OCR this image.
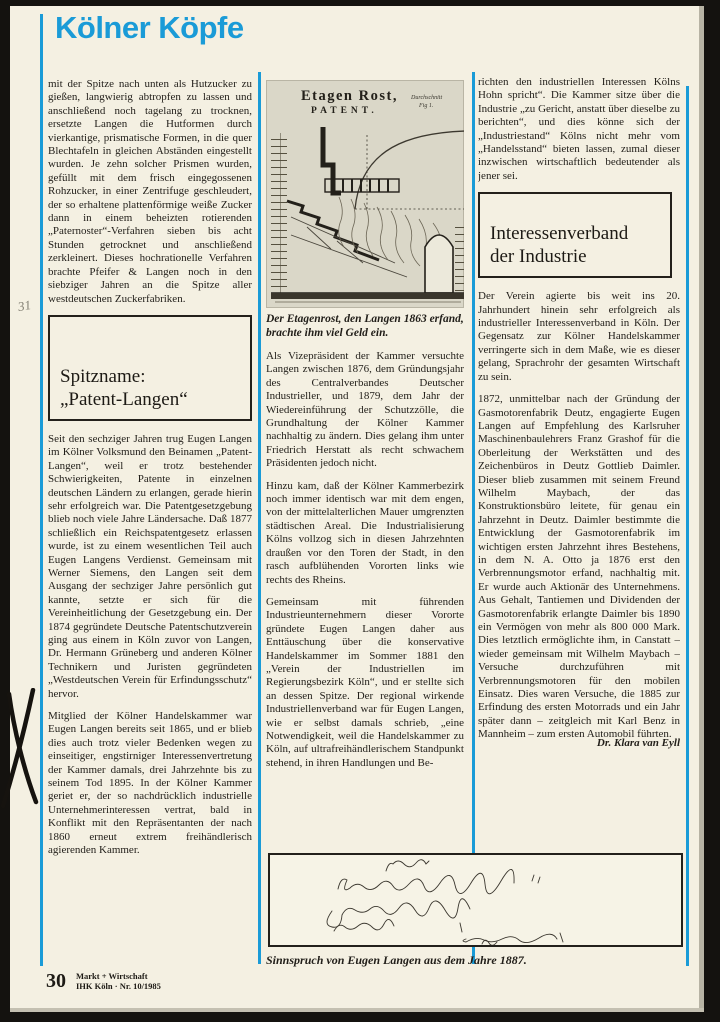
Kölner Köpfe

mit der Spitze nach unten als Hutzucker zu gießen, langwierig abtropfen zu lassen und anschließend noch tagelang zu trocknen, ersetzte Langen die Hutformen durch vierkantige, prismatische Formen, in die quer Blechtafeln in gleichen Abständen eingestellt wurden. Je zehn solcher Prismen wurden, gefüllt mit dem frisch eingegossenen Rohzucker, in einer Zentrifuge geschleudert, der so erhaltene plattenförmige weiße Zucker dann in einem beheizten rotierenden „Paternoster“-Verfahren sieben bis acht Stunden getrocknet und anschließend zerkleinert. Dieses hochrationelle Verfahren brachte Pfeifer & Langen noch in den siebziger Jahren an die Spitze aller westdeutschen Zuckerfabriken.

Spitzname:
„Patent-Langen“

Seit den sechziger Jahren trug Eugen Langen im Kölner Volksmund den Beinamen „Patent-Langen“, weil er trotz bestehender Schwierigkeiten, Patente in einzelnen deutschen Ländern zu erlangen, gerade hierin sehr erfolgreich war. Die Patentgesetzgebung blieb noch viele Jahre Ländersache. Daß 1877 schließlich ein Reichspatentgesetz erlassen wurde, ist zu einem wesentlichen Teil auch Eugen Langens Verdienst. Gemeinsam mit Werner Siemens, den Langen seit dem Ausgang der sechziger Jahre persönlich gut kannte, setzte er sich für die Vereinheitlichung der Gesetzgebung ein. Der 1874 gegründete Deutsche Patentschutzverein ging aus einem in Köln zuvor von Langen, Dr. Hermann Grüneberg und anderen Kölner Technikern und Juristen gegründeten „Westdeutschen Verein für Erfindungsschutz“ hervor.

Mitglied der Kölner Handelskammer war Eugen Langen bereits seit 1865, und er blieb dies auch trotz vieler Bedenken wegen zu einseitiger, engstirniger Interessenvertretung der Kammer damals, drei Jahrzehnte bis zu seinem Tod 1895. In der Kölner Kammer geriet er, der so nachdrücklich industrielle Unternehmerinteressen vertrat, bald in Konflikt mit den Repräsentanten der nach 1860 erneut extrem freihändlerisch agierenden Kammer.

Etagen Rost,
PATENT.
Durchschnitt
Fig 1.

Der Etagenrost, den Langen 1863 erfand, brachte ihm viel Geld ein.

Als Vizepräsident der Kammer versuchte Langen zwischen 1876, dem Gründungsjahr des Centralverbandes Deutscher Industrieller, und 1879, dem Jahr der Wiedereinführung der Schutzzölle, die Grundhaltung der Kölner Kammer nachhaltig zu ändern. Dies gelang ihm unter Friedrich Herstatt als recht schwachem Präsidenten jedoch nicht.

Hinzu kam, daß der Kölner Kammerbezirk noch immer identisch war mit dem engen, von der mittelalterlichen Mauer umgrenzten städtischen Areal. Die Industrialisierung Kölns vollzog sich in diesen Jahrzehnten draußen vor den Toren der Stadt, in den rasch aufblühenden Vororten links wie rechts des Rheins.

Gemeinsam mit führenden Industrieunternehmern dieser Vororte gründete Eugen Langen daher aus Enttäuschung über die konservative Handelskammer im Sommer 1881 den „Verein der Industriellen im Regierungsbezirk Köln“, und er stellte sich an dessen Spitze. Der regional wirkende Industriellenverband war für Eugen Langen, wie er selbst damals schrieb, „eine Notwendigkeit, weil die Handelskammer zu Köln, auf ultrafreihändlerischem Standpunkt stehend, in ihren Handlungen und Be-

richten den industriellen Interessen Kölns Hohn spricht“. Die Kammer sitze über die Industrie „zu Gericht, anstatt über dieselbe zu berichten“, und dies könne sich der „Industriestand“ Kölns nicht mehr vom „Handelsstand“ bieten lassen, zumal dieser inzwischen wirtschaftlich bedeutender als jener sei.

Interessenverband
der Industrie

Der Verein agierte bis weit ins 20. Jahrhundert hinein sehr erfolgreich als industrieller Interessenverband in Köln. Der Gegensatz zur Kölner Handelskammer verringerte sich in dem Maße, wie es dieser gelang, Sprachrohr der gesamten Wirtschaft zu sein.

1872, unmittelbar nach der Gründung der Gasmotorenfabrik Deutz, engagierte Eugen Langen auf Empfehlung des Karlsruher Maschinenbaulehrers Franz Grashof für die Oberleitung der Werkstätten und des Zeichenbüros in Deutz Gottlieb Daimler. Dieser blieb zusammen mit seinem Freund Wilhelm Maybach, der das Konstruktionsbüro leitete, für genau ein Jahrzehnt in Deutz. Daimler bestimmte die Entwicklung der Gasmotorenfabrik im wichtigen ersten Jahrzehnt ihres Bestehens, in dem N. A. Otto ja 1876 erst den Verbrennungsmotor erfand, nachhaltig mit. Er wurde auch Aktionär des Unternehmens. Aus Gehalt, Tantiemen und Dividenden der Gasmotorenfabrik erlangte Daimler bis 1890 ein Vermögen von mehr als 800 000 Mark. Dies letztlich ermöglichte ihm, in Canstatt – wieder gemeinsam mit Wilhelm Maybach – Versuche durchzuführen mit Verbrennungsmotoren für den mobilen Einsatz. Dies waren Versuche, die 1885 zur Erfindung des ersten Motorrads und ein Jahr später dann – zeitgleich mit Karl Benz in Mannheim – zum ersten Automobil führten.

Dr. Klara van Eyll

Sinnspruch von Eugen Langen aus dem Jahre 1887.
30 Markt + Wirtschaft
IHK Köln · Nr. 10/1985
31
